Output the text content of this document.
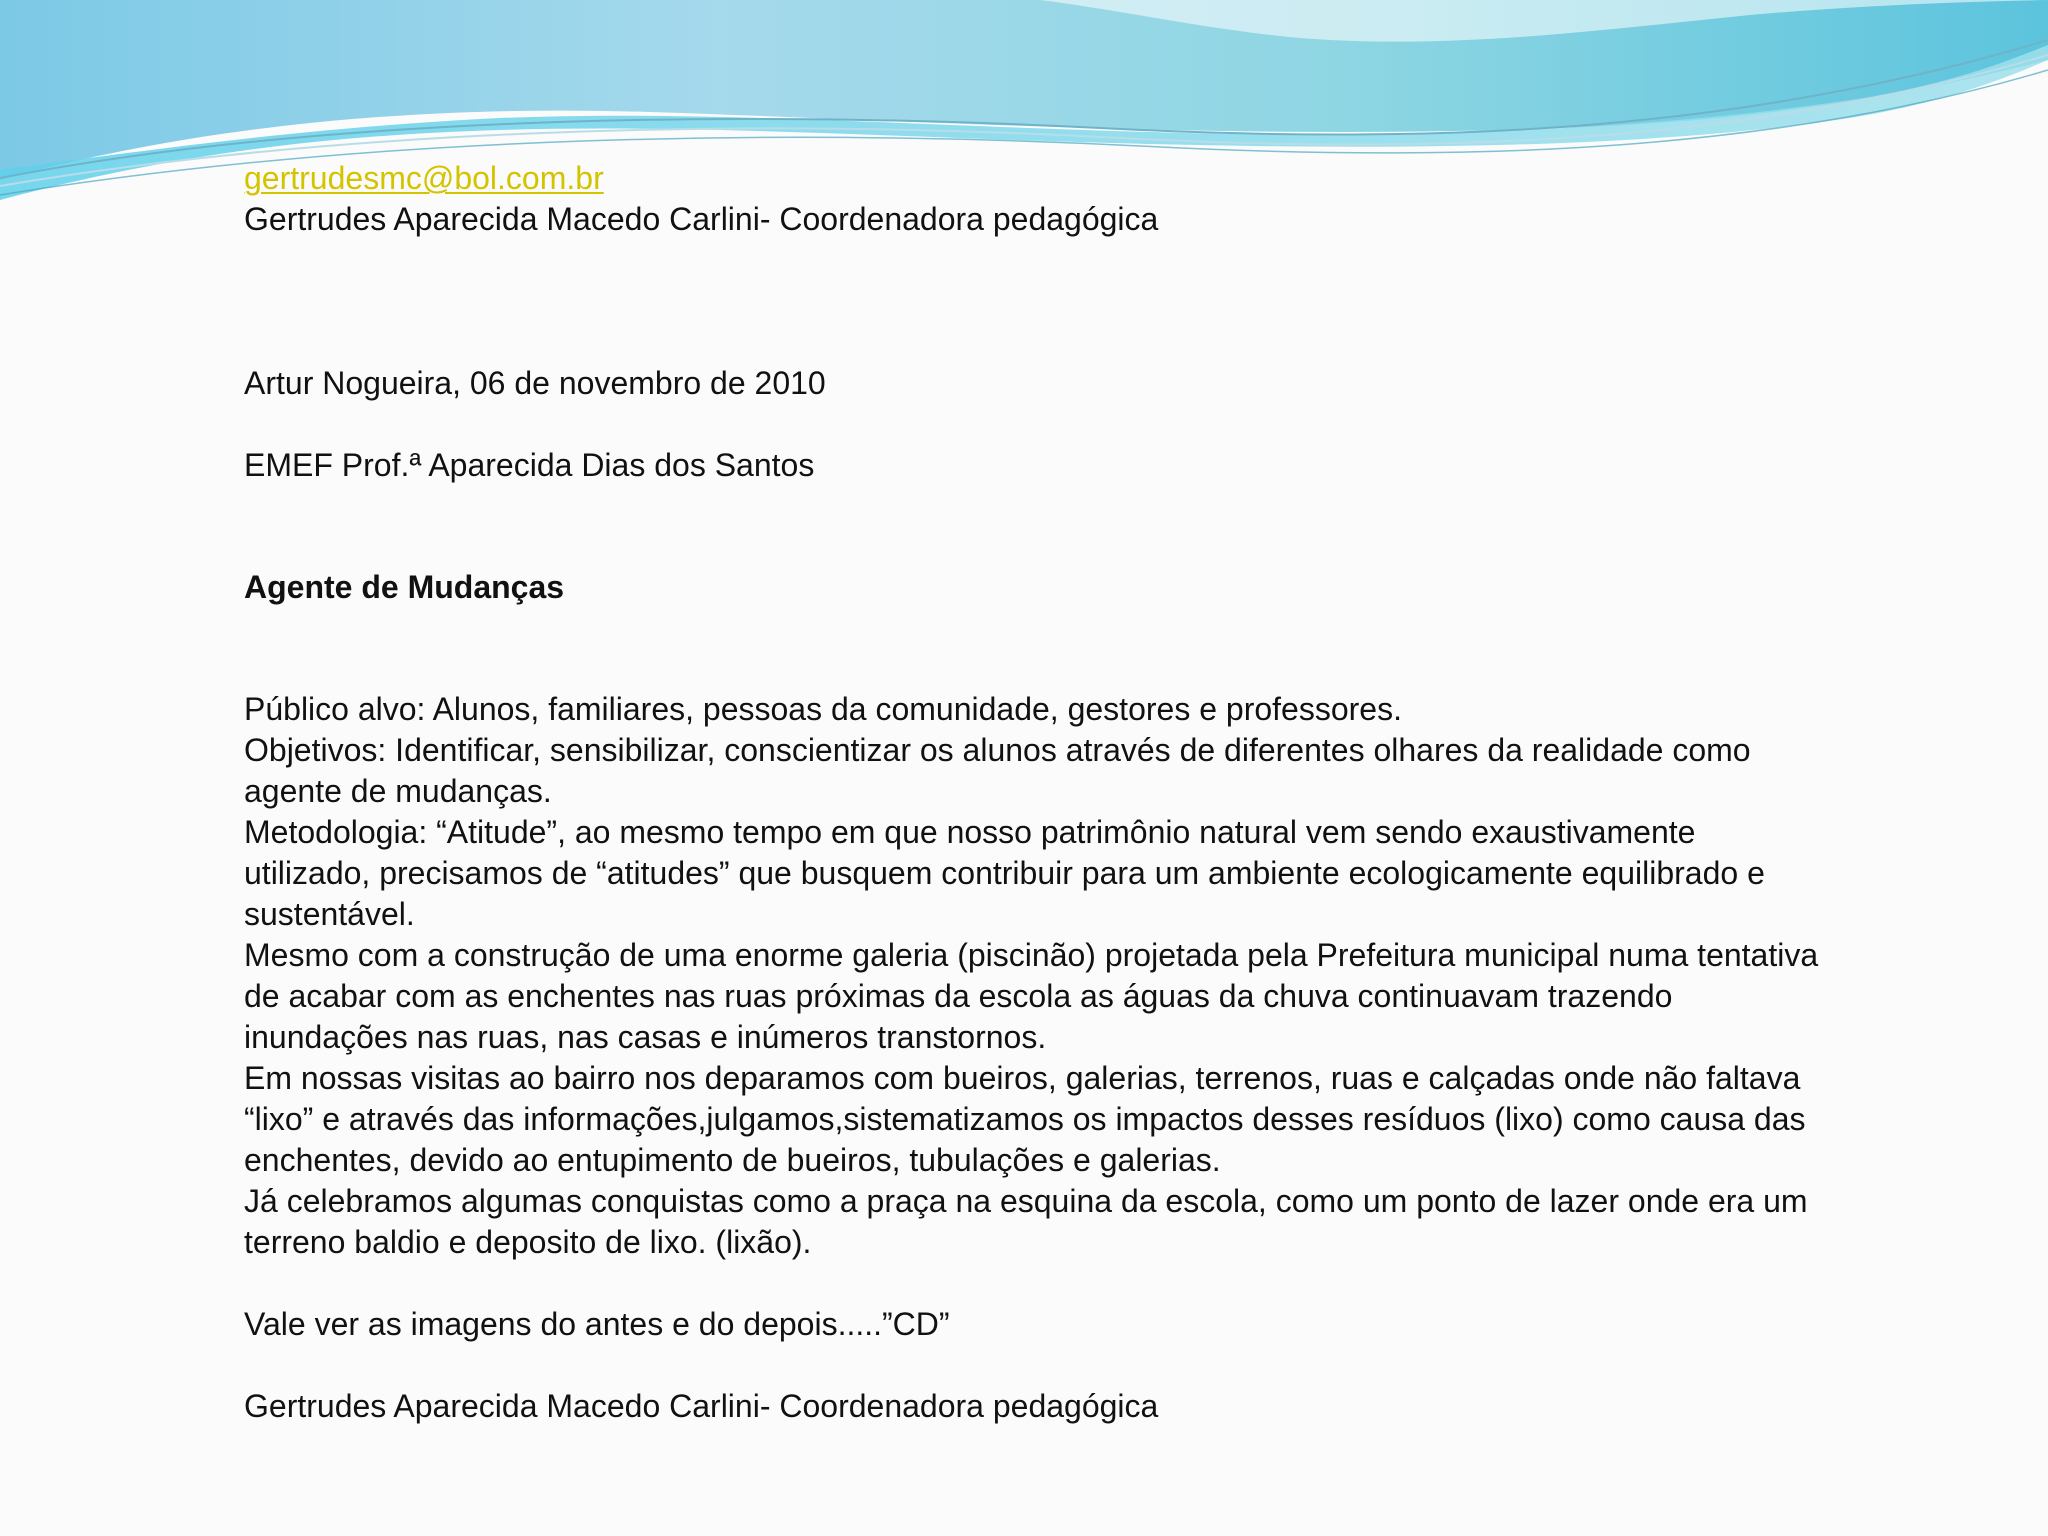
gertrudesmc@bol.com.br
Gertrudes Aparecida Macedo Carlini- Coordenadora pedagógica
Artur Nogueira, 06 de novembro de 2010
EMEF Prof.ª Aparecida Dias dos Santos
Agente de Mudanças
Público alvo: Alunos, familiares, pessoas da comunidade, gestores e professores.
Objetivos: Identificar, sensibilizar, conscientizar os alunos através de diferentes olhares da realidade como agente de mudanças.
Metodologia: “Atitude”, ao mesmo tempo em que nosso patrimônio natural vem sendo exaustivamente utilizado, precisamos de “atitudes” que busquem contribuir para um ambiente ecologicamente equilibrado e sustentável.
Mesmo com a construção de uma enorme galeria (piscinão) projetada pela Prefeitura municipal numa tentativa de acabar com as enchentes nas ruas próximas da escola as águas da chuva continuavam trazendo inundações nas ruas, nas casas e inúmeros transtornos.
Em nossas visitas ao bairro nos deparamos com bueiros, galerias, terrenos, ruas e calçadas onde não faltava “lixo” e através das informações,julgamos,sistematizamos os impactos desses resíduos (lixo) como causa das enchentes, devido ao entupimento de bueiros, tubulações e galerias.
Já celebramos algumas conquistas como a praça na esquina da escola, como um ponto de lazer onde era um terreno baldio e deposito de lixo. (lixão).
Vale ver as imagens do antes e do depois.....”CD”
Gertrudes Aparecida Macedo Carlini- Coordenadora pedagógica
